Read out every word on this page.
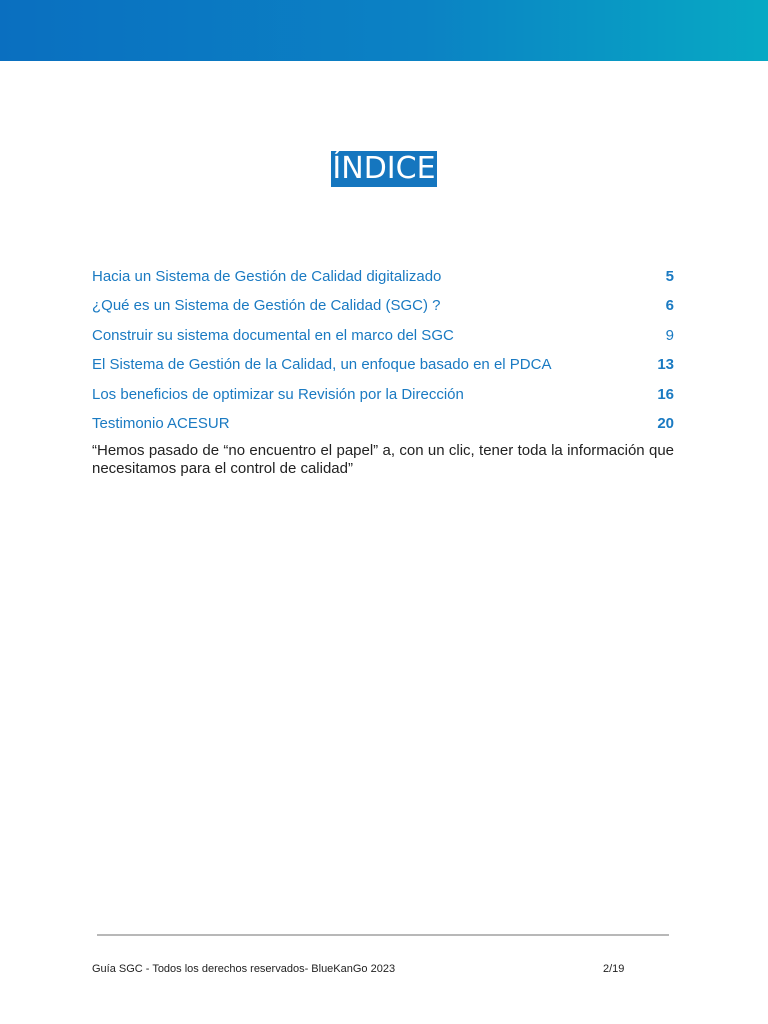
ÍNDICE
Hacia un Sistema de Gestión de Calidad digitalizado	5
¿Qué es un Sistema de Gestión de Calidad (SGC) ?	6
Construir su sistema documental en el marco del SGC	9
El Sistema de Gestión de la Calidad, un enfoque basado en el PDCA	13
Los beneficios de optimizar su Revisión por la Dirección	16
Testimonio ACESUR	20
“Hemos pasado de “no encuentro el papel” a, con un clic, tener toda la información que necesitamos para el control de calidad”
Guía SGC - Todos los derechos reservados- BlueKanGo 2023	2/19
